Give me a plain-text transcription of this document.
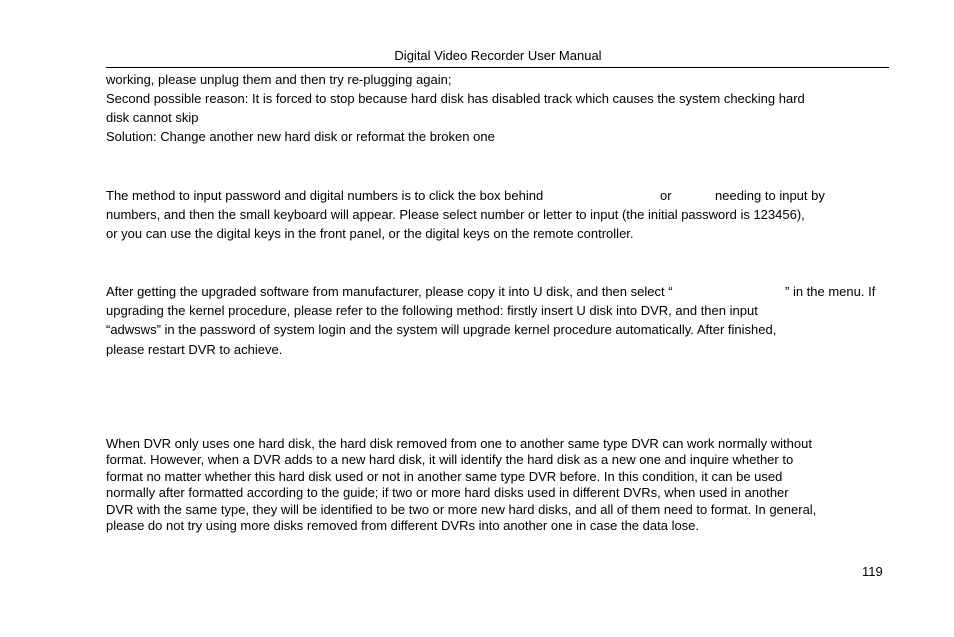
Digital Video Recorder User Manual
working, please unplug them and then try re-plugging again;
Second possible reason: It is forced to stop because hard disk has disabled track which causes the system checking hard
disk cannot skip
Solution: Change another new hard disk or reformat the broken one
The method to input password and digital numbers is to click the box behind	or	needing to input by
numbers, and then the small keyboard will appear. Please select number or letter to input (the initial password is 123456),
or you can use the digital keys in the front panel, or the digital keys on the remote controller.
After getting the upgraded software from manufacturer, please copy it into U disk, and then select “	” in the menu. If
upgrading the kernel procedure, please refer to the following method: firstly insert U disk into DVR, and then input
“adwsws” in the password of system login and the system will upgrade kernel procedure automatically. After finished,
please restart DVR to achieve.
When DVR only uses one hard disk, the hard disk removed from one to another same type DVR can work normally without
format. However, when a DVR adds to a new hard disk, it will identify the hard disk as a new one and inquire whether to
format no matter whether this hard disk used or not in another same type DVR before. In this condition, it can be used
normally after formatted according to the guide; if two or more hard disks used in different DVRs, when used in another
DVR with the same type, they will be identified to be two or more new hard disks, and all of them need to format. In general,
please do not try using more disks removed from different DVRs into another one in case the data lose.
119
